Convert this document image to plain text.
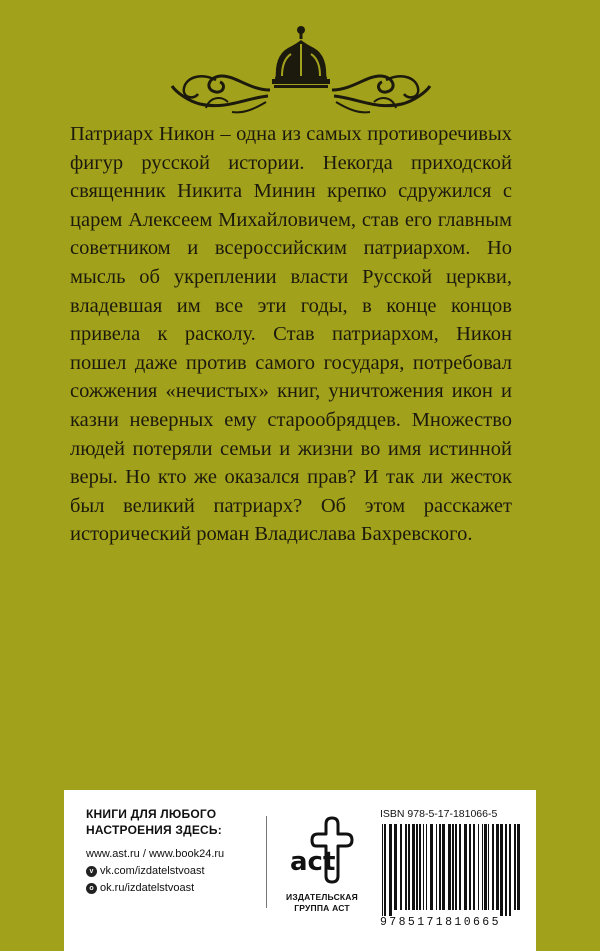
Патриарх Никон – одна из самых противоречивых фигур русской истории. Некогда приходской священник Никита Минин крепко сдружился с царем Алексеем Михайловичем, став его главным советником и всероссийским патриархом. Но мысль об укреплении власти Русской церкви, владевшая им все эти годы, в конце концов привела к расколу. Став патриархом, Никон пошел даже против самого государя, потребовал сожжения «нечистых» книг, уничтожения икон и казни неверных ему старообрядцев. Множество людей потеряли семьи и жизни во имя истинной веры. Но кто же оказался прав? И так ли жесток был великий патриарх? Об этом расскажет исторический роман Владислава Бахревского.

КНИГИ ДЛЯ ЛЮБОГО
НАСТРОЕНИЯ ЗДЕСЬ:
www.ast.ru / www.book24.ru
v vk.com/izdatelstvoast
o ok.ru/izdatelstvoast
act
ИЗДАТЕЛЬСКАЯ
ГРУППА АСТ
ISBN 978-5-17-181066-5
9785171810665
